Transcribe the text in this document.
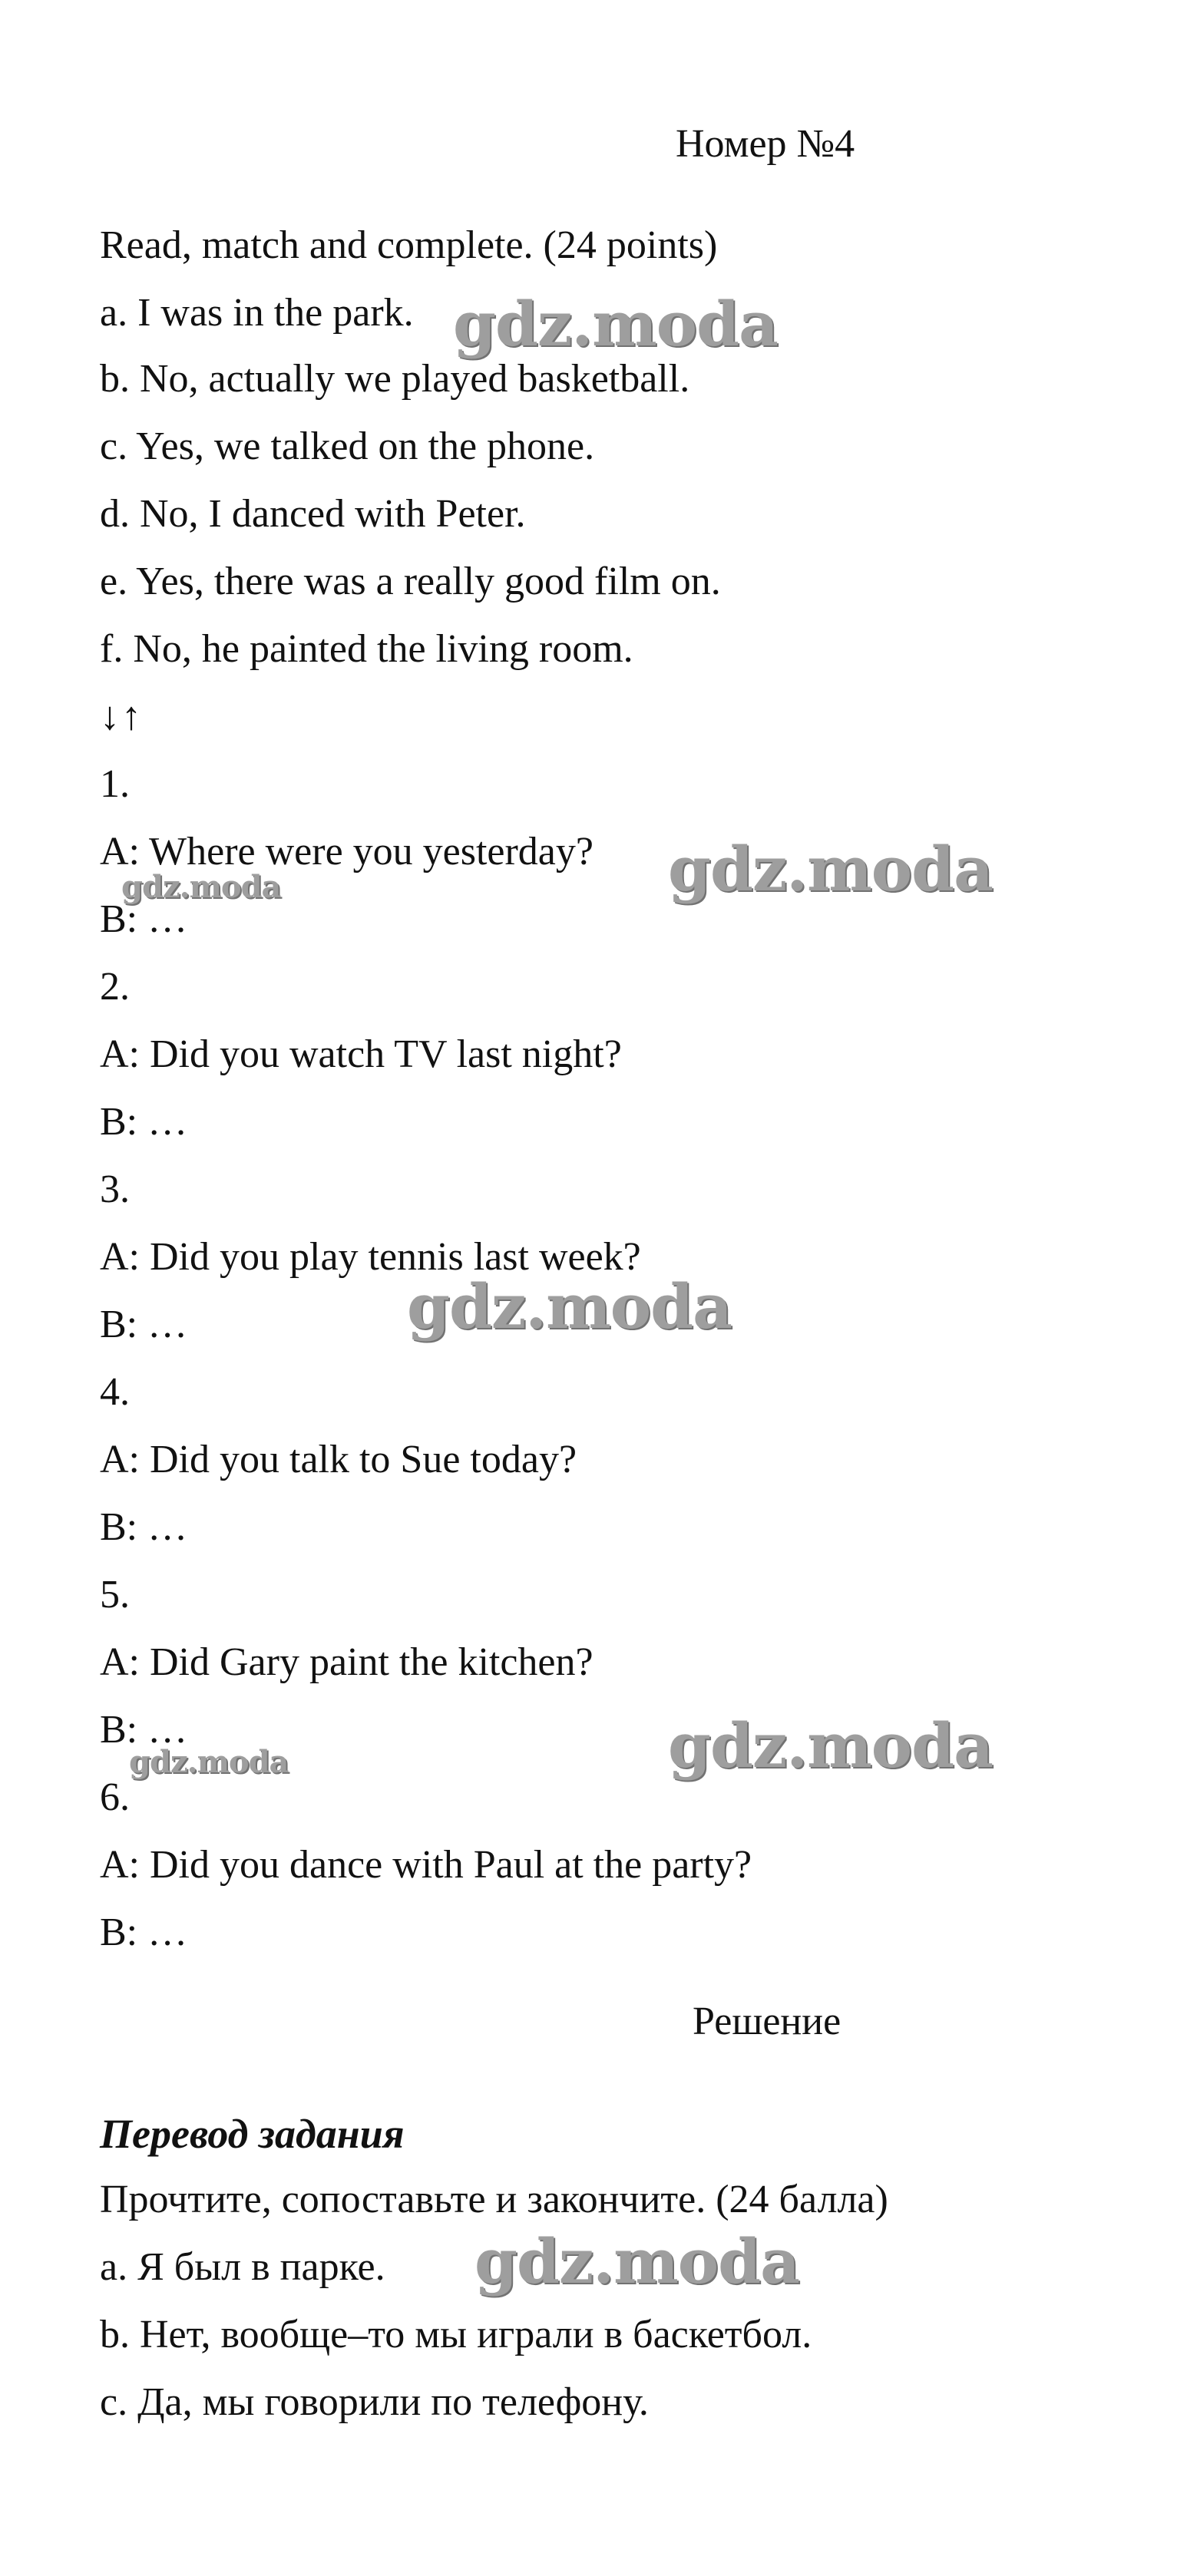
Номер №4
Read, match and complete. (24 points)
a. I was in the park.
b. No, actually we played basketball.
c. Yes, we talked on the phone.
d. No, I danced with Peter.
e. Yes, there was a really good film on.
f. No, he painted the living room.
↓↑
1.
A: Where were you yesterday?
B: …
2.
A: Did you watch TV last night?
B: …
3.
A: Did you play tennis last week?
B: …
4.
A: Did you talk to Sue today?
B: …
5.
A: Did Gary paint the kitchen?
B: …
6.
A: Did you dance with Paul at the party?
B: …
Решение
Перевод задания
Прочтите, сопоставьте и закончите. (24 балла)
a. Я был в парке.
b. Нет, вообще–то мы играли в баскетбол.
c. Да, мы говорили по телефону.
gdz.moda
gdz.moda
gdz.moda
gdz.moda
gdz.moda
gdz.moda
gdz.moda
